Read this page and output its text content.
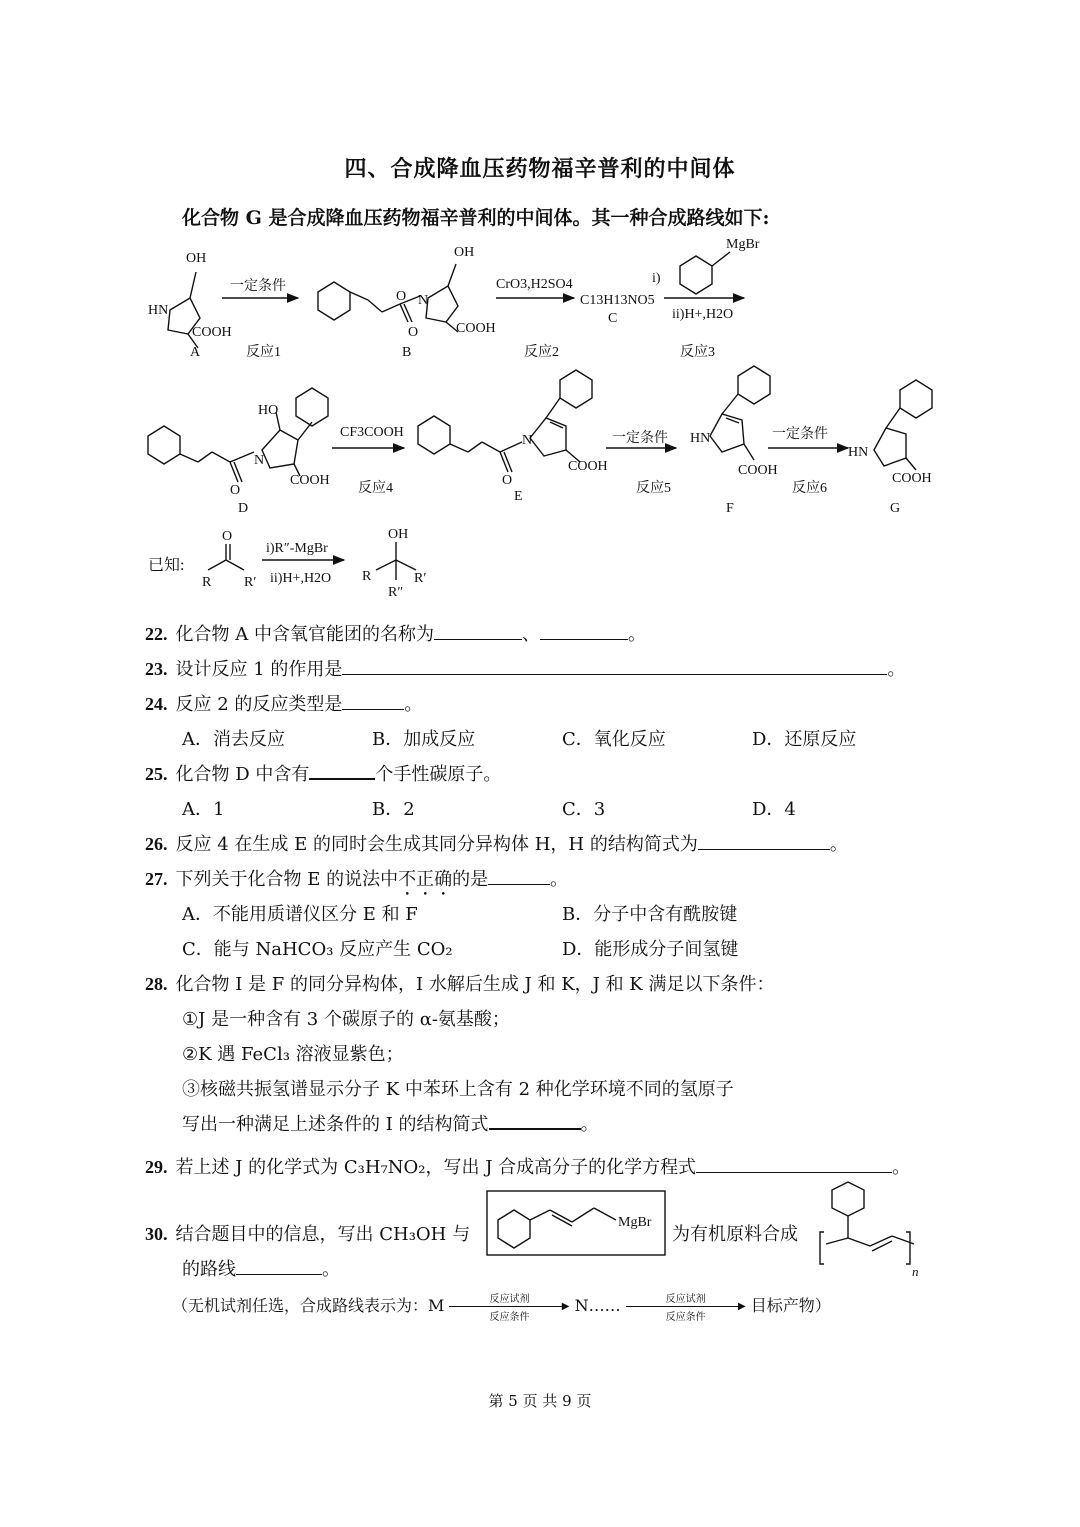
四、合成降血压药物福辛普利的中间体
化合物 G 是合成降血压药物福辛普利的中间体。其一种合成路线如下:
OH
HN
COOH
A
一定条件
反应1
OH
O N
O	COOH
B
CrO3,H2SO4
反应2
C13H13NO5
C
i)
ii)H+,H2O
反应3
MgBr
HO
N
O
COOH
D
CF3COOH
反应4
N
O
COOH
E
一定条件
反应5
HN
COOH
F
一定条件
反应6
HN
COOH
G
已知:
O
R R′
i)R″-MgBr
ii)H+,H2O
OH
R	R′
R″
22. 化合物 A 中含氧官能团的名称为	、	。
23. 设计反应 1 的作用是	。
24. 反应 2 的反应类型是	。
A．消去反应	B．加成反应	C．氧化反应	D．还原反应
25. 化合物 D 中含有	个手性碳原子。
A．1	B．2	C．3	D．4
26. 反应 4 在生成 E 的同时会生成其同分异构体 H，H 的结构简式为	。
27. 下列关于化合物 E 的说法中不正确的是	。
A．不能用质谱仪区分 E 和 F	B．分子中含有酰胺键
C．能与 NaHCO₃ 反应产生 CO₂	D．能形成分子间氢键
28. 化合物 I 是 F 的同分异构体，I 水解后生成 J 和 K，J 和 K 满足以下条件：
①J 是一种含有 3 个碳原子的 α-氨基酸；
②K 遇 FeCl₃ 溶液显紫色；
③核磁共振氢谱显示分子 K 中苯环上含有 2 种化学环境不同的氢原子
写出一种满足上述条件的 I 的结构简式	。
29. 若上述 J 的化学式为 C₃H₇NO₂，写出 J 合成高分子的化学方程式	。
30. 结合题目中的信息，写出 CH₃OH 与
MgBr
为有机原料合成
n
的路线	。
（无机试剂任选，合成路线表示为：M	反应试剂
▶
反应条件
N……	反应试剂
▶
反应条件
目标产物）
第 5 页 共 9 页
